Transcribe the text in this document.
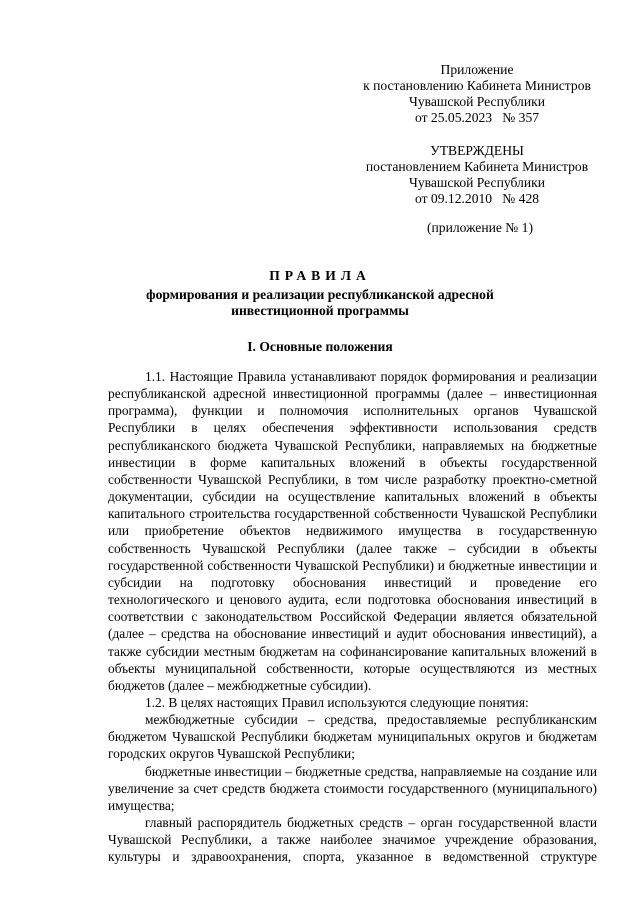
Приложение
к постановлению Кабинета Министров
Чувашской Республики
от 25.05.2023   № 357
УТВЕРЖДЕНЫ
постановлением Кабинета Министров
Чувашской Республики
от 09.12.2010   № 428
(приложение № 1)
ПРАВИЛА
формирования и реализации республиканской адресной
инвестиционной программы
I. Основные положения

1.1. Настоящие Правила устанавливают порядок формирования и реализации республиканской адресной инвестиционной программы (далее – инвестиционная программа), функции и полномочия исполнительных органов Чувашской Республики в целях обеспечения эффективности использования средств республиканского бюджета Чувашской Республики, направляемых на бюджетные инвестиции в форме капитальных вложений в объекты государственной собственности Чувашской Республики, в том числе разработку проектно-сметной документации, субсидии на осуществление капитальных вложений в объекты капитального строительства государственной собственности Чувашской Республики или приобретение объектов недвижимого имущества в государственную собственность Чувашской Республики (далее также – субсидии в объекты государственной собственности Чувашской Республики) и бюджетные инвестиции и субсидии на подготовку обоснования инвестиций и проведение его технологического и ценового аудита, если подготовка обоснования инвестиций в соответствии с законодательством Российской Федерации является обязательной (далее – средства на обоснование инвестиций и аудит обоснования инвестиций), а также субсидии местным бюджетам на софинансирование капитальных вложений в объекты муниципальной собственности, которые осуществляются из местных бюджетов (далее – межбюджетные субсидии).

1.2. В целях настоящих Правил используются следующие понятия:

межбюджетные субсидии – средства, предоставляемые республиканским бюджетом Чувашской Республики бюджетам муниципальных округов и бюджетам городских округов Чувашской Республики;

бюджетные инвестиции – бюджетные средства, направляемые на создание или увеличение за счет средств бюджета стоимости государственного (муниципального) имущества;

главный распорядитель бюджетных средств – орган государственной власти Чувашской Республики, а также наиболее значимое учреждение образования, культуры и здравоохранения, спорта, указанное в ведомственной структуре
